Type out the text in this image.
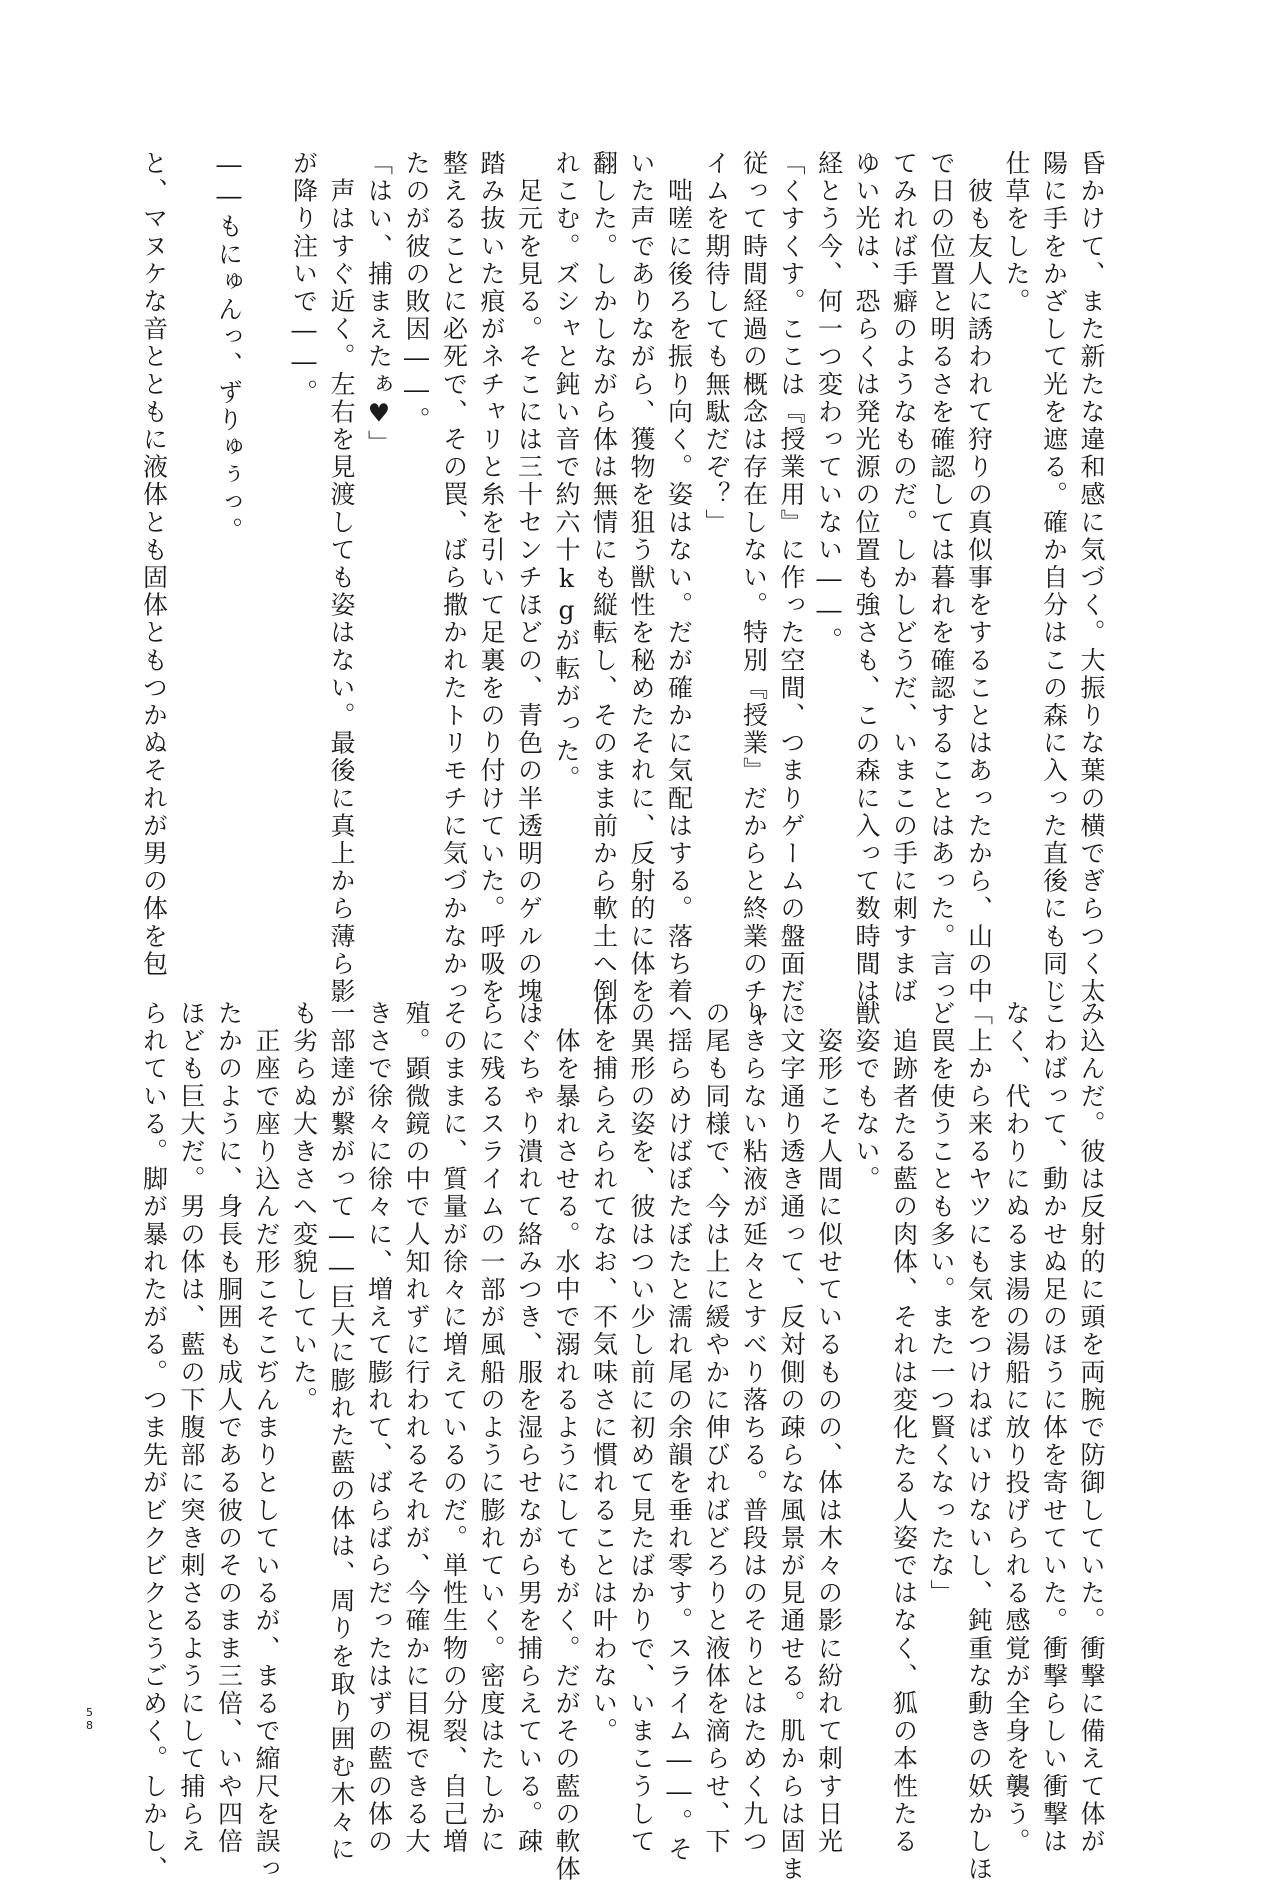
昏かけて、また新たな違和感に気づく。大振りな葉の横でぎらつく太
陽に手をかざして光を遮る。確か自分はこの森に入った直後にも同じ
仕草をした。
　彼も友人に誘われて狩りの真似事をすることはあったから、山の中
で日の位置と明るさを確認しては暮れを確認することはあった。言っ
てみれば手癖のようなものだ。しかしどうだ、いまこの手に刺すまば
ゆい光は、恐らくは発光源の位置も強さも、この森に入って数時間は
経とう今、何一つ変わっていない――。
「くすくす。ここは『授業用』に作った空間、つまりゲームの盤面だ。
従って時間経過の概念は存在しない。特別『授業』だからと終業のチャ
イムを期待しても無駄だぞ？」
　咄嗟に後ろを振り向く。姿はない。だが確かに気配はする。落ち着
いた声でありながら、獲物を狙う獣性を秘めたそれに、反射的に体を
翻した。しかしながら体は無情にも縦転し、そのまま前から軟土へ倒
れこむ。ズシャと鈍い音で約六十kgが転がった。
　足元を見る。そこには三十センチほどの、青色の半透明のゲルの塊。
踏み抜いた痕がネチャリと糸を引いて足裏をのり付けていた。呼吸を
整えることに必死で、その罠、ばら撒かれたトリモチに気づかなかっ
たのが彼の敗因――。
「はい、捕まえたぁ♥」
　声はすぐ近く。左右を見渡しても姿はない。最後に真上から薄ら影
が降り注いで――。

――もにゅんっ、ずりゅぅっ。

と、マヌケな音とともに液体とも固体ともつかぬそれが男の体を包
み込んだ。彼は反射的に頭を両腕で防御していた。衝撃に備えて体が
こわばって、動かせぬ足のほうに体を寄せていた。衝撃らしい衝撃は
なく、代わりにぬるま湯の湯船に放り投げられる感覚が全身を襲う。
「上から来るヤツにも気をつけねばいけないし、鈍重な動きの妖かしほ
ど罠を使うことも多い。また一つ賢くなったな」
　追跡者たる藍の肉体、それは変化たる人姿ではなく、狐の本性たる
獣姿でもない。
　姿形こそ人間に似せているものの、体は木々の影に紛れて刺す日光
に文字通り透き通って、反対側の疎らな風景が見通せる。肌からは固ま
りきらない粘液が延々とすべり落ちる。普段はのそりとはためく九つ
の尾も同様で、今は上に緩やかに伸びればどろりと液体を滴らせ、下
へ揺らめけばぼたぼたと濡れ尾の余韻を垂れ零す。スライム――。そ
の異形の姿を、彼はつい少し前に初めて見たばかりで、いまこうして
体を捕らえられてなお、不気味さに慣れることは叶わない。
　体を暴れさせる。水中で溺れるようにしてもがく。だがその藍の軟体
はぐちゃり潰れて絡みつき、服を湿らせながら男を捕らえている。疎
らに残るスライムの一部が風船のように膨れていく。密度はたしかに
そのままに、質量が徐々に増えているのだ。単性生物の分裂、自己増
殖。顕微鏡の中で人知れずに行われるそれが、今確かに目視できる大
きさで徐々に徐々に、増えて膨れて、ばらばらだったはずの藍の体の
一部達が繋がって――巨大に膨れた藍の体は、周りを取り囲む木々に
も劣らぬ大きさへ変貌していた。
　正座で座り込んだ形こそこぢんまりとしているが、まるで縮尺を誤っ
たかのように、身長も胴囲も成人である彼のそのまま三倍、いや四倍
ほども巨大だ。男の体は、藍の下腹部に突き刺さるようにして捕らえ
られている。脚が暴れたがる。つま先がビクビクとうごめく。しかし、
58
